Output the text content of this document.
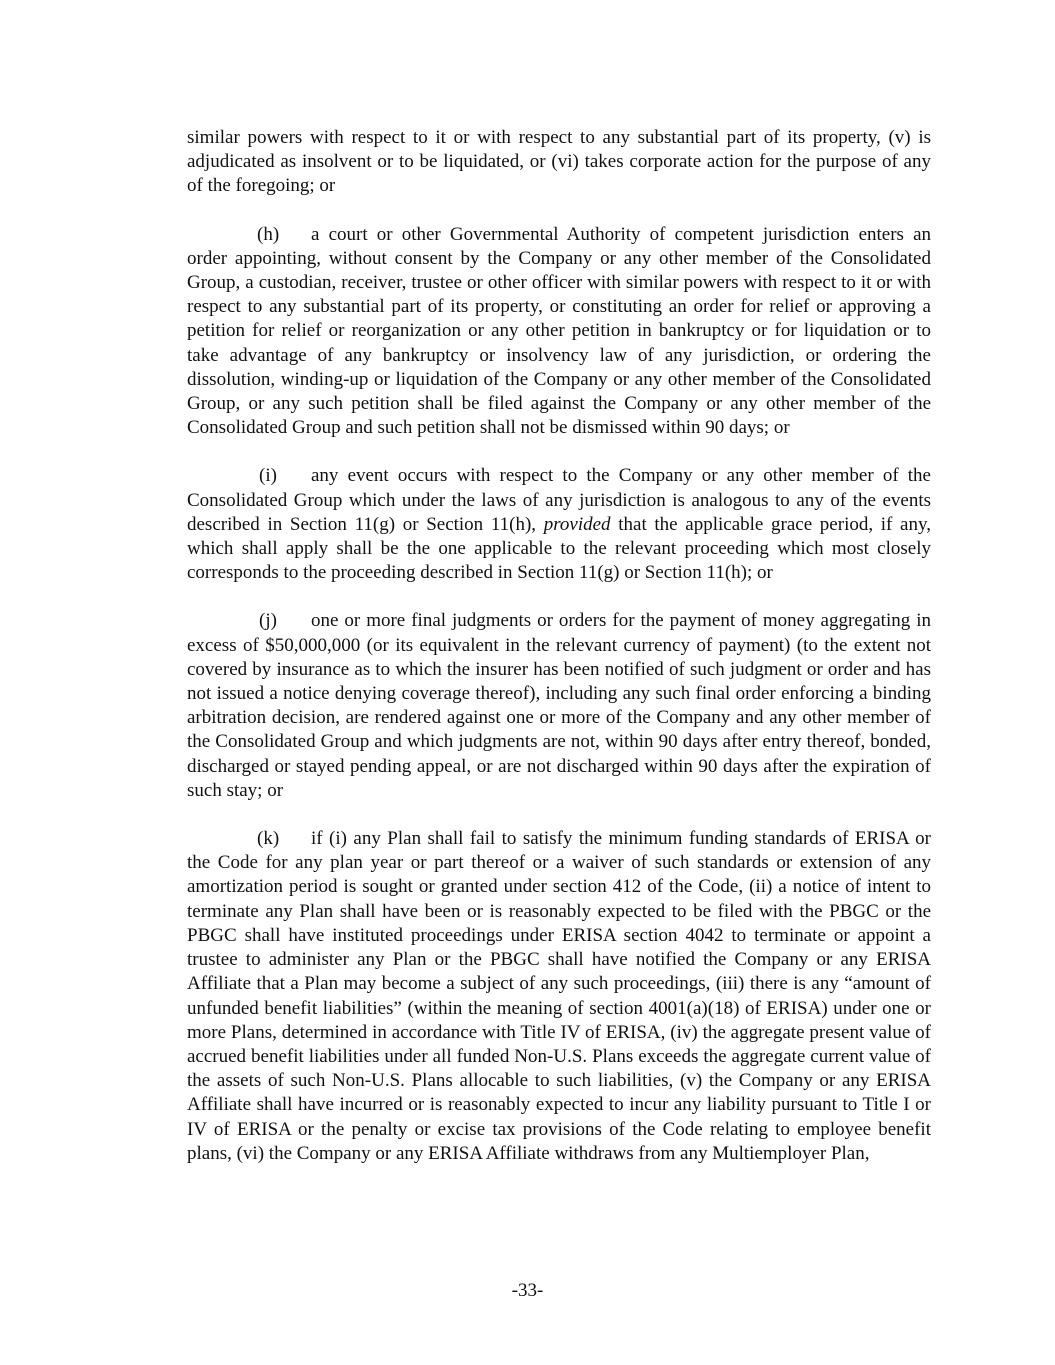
similar powers with respect to it or with respect to any substantial part of its property, (v) is adjudicated as insolvent or to be liquidated, or (vi) takes corporate action for the purpose of any of the foregoing; or

(h) a court or other Governmental Authority of competent jurisdiction enters an order appointing, without consent by the Company or any other member of the Consolidated Group, a custodian, receiver, trustee or other officer with similar powers with respect to it or with respect to any substantial part of its property, or constituting an order for relief or approving a petition for relief or reorganization or any other petition in bankruptcy or for liquidation or to take advantage of any bankruptcy or insolvency law of any jurisdiction, or ordering the dissolution, winding-up or liquidation of the Company or any other member of the Consolidated Group, or any such petition shall be filed against the Company or any other member of the Consolidated Group and such petition shall not be dismissed within 90 days; or

(i) any event occurs with respect to the Company or any other member of the Consolidated Group which under the laws of any jurisdiction is analogous to any of the events described in Section 11(g) or Section 11(h), provided that the applicable grace period, if any, which shall apply shall be the one applicable to the relevant proceeding which most closely corresponds to the proceeding described in Section 11(g) or Section 11(h); or

(j) one or more final judgments or orders for the payment of money aggregating in excess of $50,000,000 (or its equivalent in the relevant currency of payment) (to the extent not covered by insurance as to which the insurer has been notified of such judgment or order and has not issued a notice denying coverage thereof), including any such final order enforcing a binding arbitration decision, are rendered against one or more of the Company and any other member of the Consolidated Group and which judgments are not, within 90 days after entry thereof, bonded, discharged or stayed pending appeal, or are not discharged within 90 days after the expiration of such stay; or

(k) if (i) any Plan shall fail to satisfy the minimum funding standards of ERISA or the Code for any plan year or part thereof or a waiver of such standards or extension of any amortization period is sought or granted under section 412 of the Code, (ii) a notice of intent to terminate any Plan shall have been or is reasonably expected to be filed with the PBGC or the PBGC shall have instituted proceedings under ERISA section 4042 to terminate or appoint a trustee to administer any Plan or the PBGC shall have notified the Company or any ERISA Affiliate that a Plan may become a subject of any such proceedings, (iii) there is any “amount of unfunded benefit liabilities” (within the meaning of section 4001(a)(18) of ERISA) under one or more Plans, determined in accordance with Title IV of ERISA, (iv) the aggregate present value of accrued benefit liabilities under all funded Non-U.S. Plans exceeds the aggregate current value of the assets of such Non-U.S. Plans allocable to such liabilities, (v) the Company or any ERISA Affiliate shall have incurred or is reasonably expected to incur any liability pursuant to Title I or IV of ERISA or the penalty or excise tax provisions of the Code relating to employee benefit plans, (vi) the Company or any ERISA Affiliate withdraws from any Multiemployer Plan,

-33-
